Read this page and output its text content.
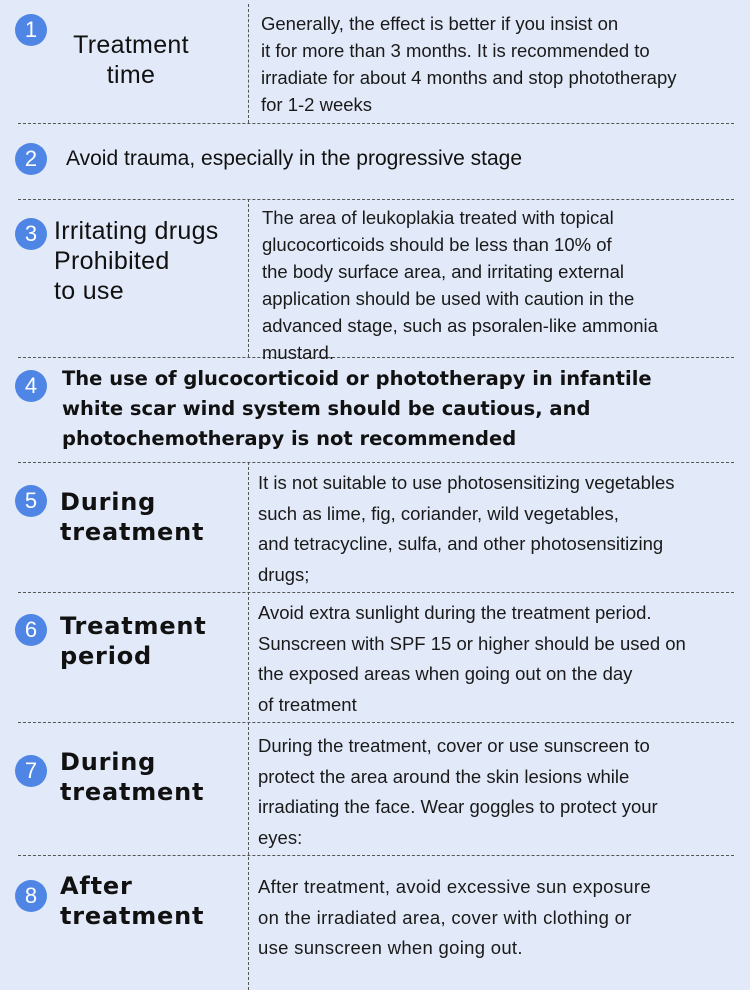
1
Treatment
time
Generally, the effect is better if you insist on
it for more than 3 months. It is recommended to
irradiate for about 4 months and stop phototherapy
for 1-2 weeks
2	Avoid trauma, especially in the progressive stage
3 Irritating drugs
Prohibited
to use
The area of leukoplakia treated with topical
glucocorticoids should be less than 10% of
the body surface area, and irritating external
application should be used with caution in the
advanced stage, such as psoralen-like ammonia
mustard.
4	The use of glucocorticoid or phototherapy in infantile
white scar wind system should be cautious, and
photochemotherapy is not recommended
5 During
treatment
It is not suitable to use photosensitizing vegetables
such as lime, fig, coriander, wild vegetables,
and tetracycline, sulfa, and other photosensitizing
drugs;
6 Treatment
period
Avoid extra sunlight during the treatment period.
Sunscreen with SPF 15 or higher should be used on
the exposed areas when going out on the day
of treatment
7 During
treatment
During the treatment, cover or use sunscreen to
protect the area around the skin lesions while
irradiating the face. Wear goggles to protect your
eyes:
8 After
treatment
After treatment, avoid excessive sun exposure
on the irradiated area, cover with clothing or
use sunscreen when going out.
